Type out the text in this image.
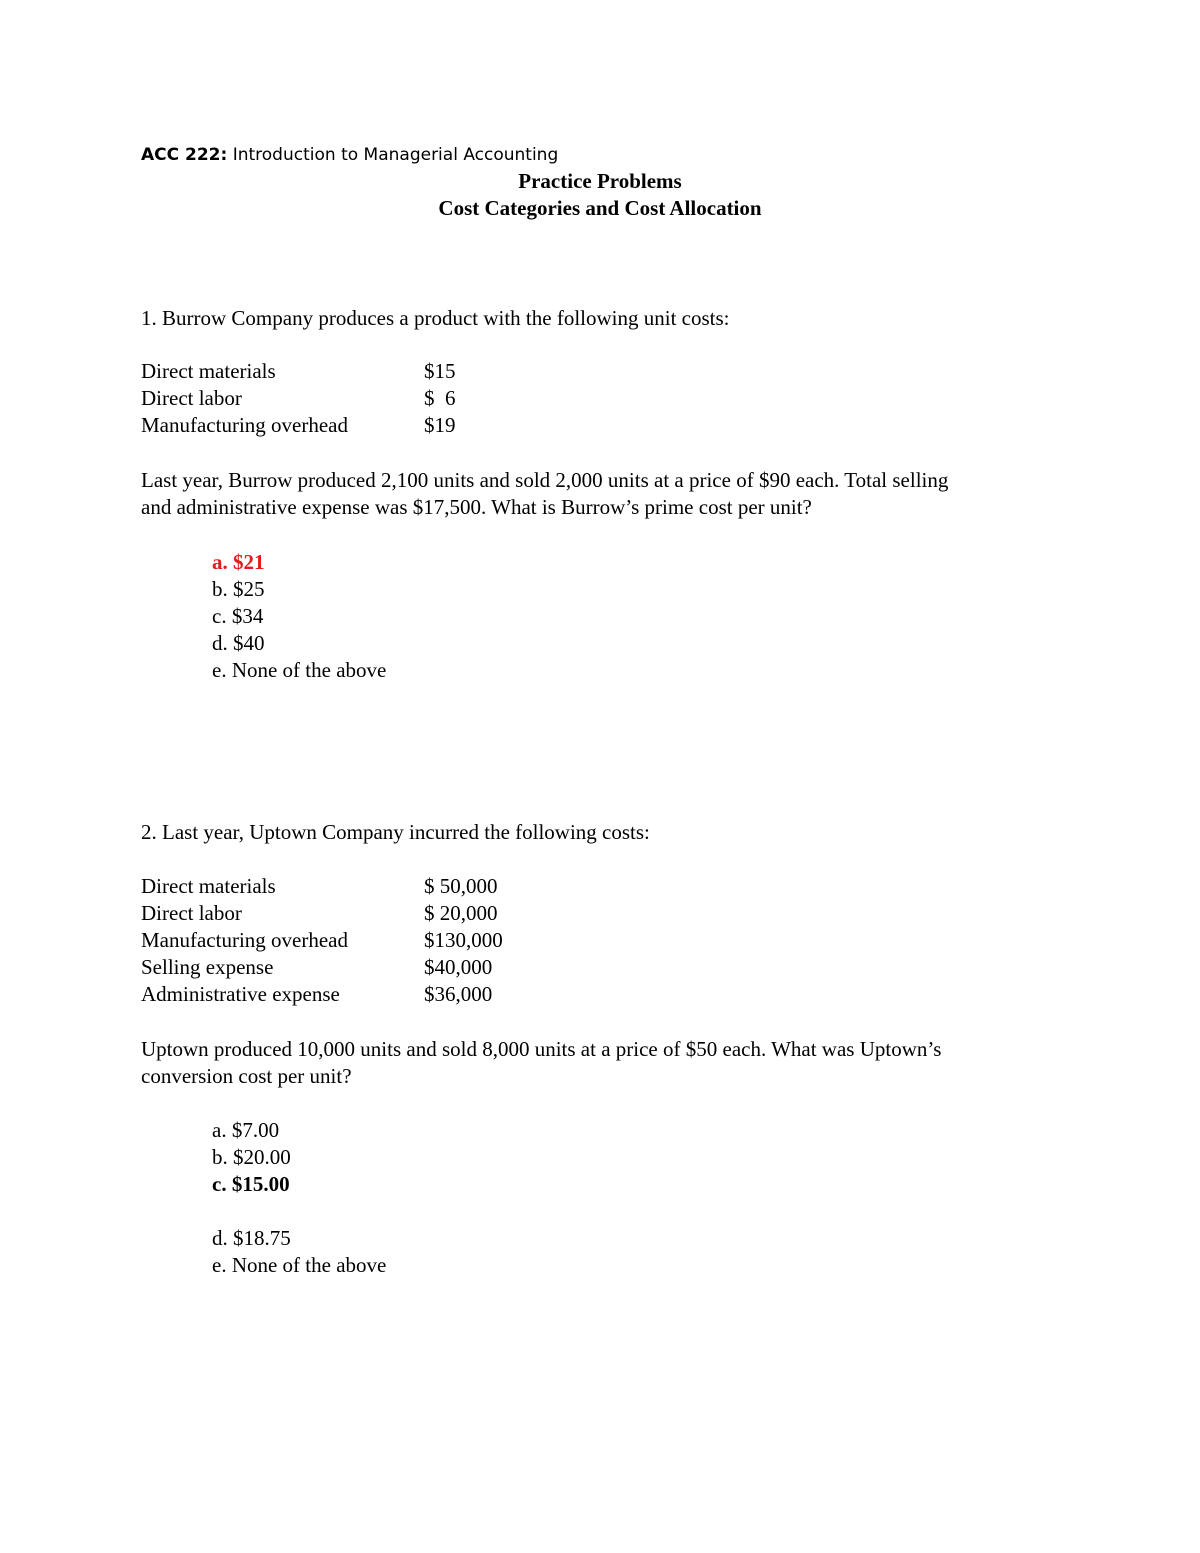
ACC 222: Introduction to Managerial Accounting
Practice Problems
Cost Categories and Cost Allocation
1. Burrow Company produces a product with the following unit costs:
Direct materials	$15
Direct labor	$  6
Manufacturing overhead	$19
Last year, Burrow produced 2,100 units and sold 2,000 units at a price of $90 each. Total selling
and administrative expense was $17,500. What is Burrow’s prime cost per unit?
a. $21
b. $25
c. $34
d. $40
e. None of the above
2. Last year, Uptown Company incurred the following costs:
Direct materials	$ 50,000
Direct labor	$ 20,000
Manufacturing overhead	$130,000
Selling expense	$40,000
Administrative expense	$36,000
Uptown produced 10,000 units and sold 8,000 units at a price of $50 each. What was Uptown’s
conversion cost per unit?
a. $7.00
b. $20.00
c. $15.00
d. $18.75
e. None of the above
